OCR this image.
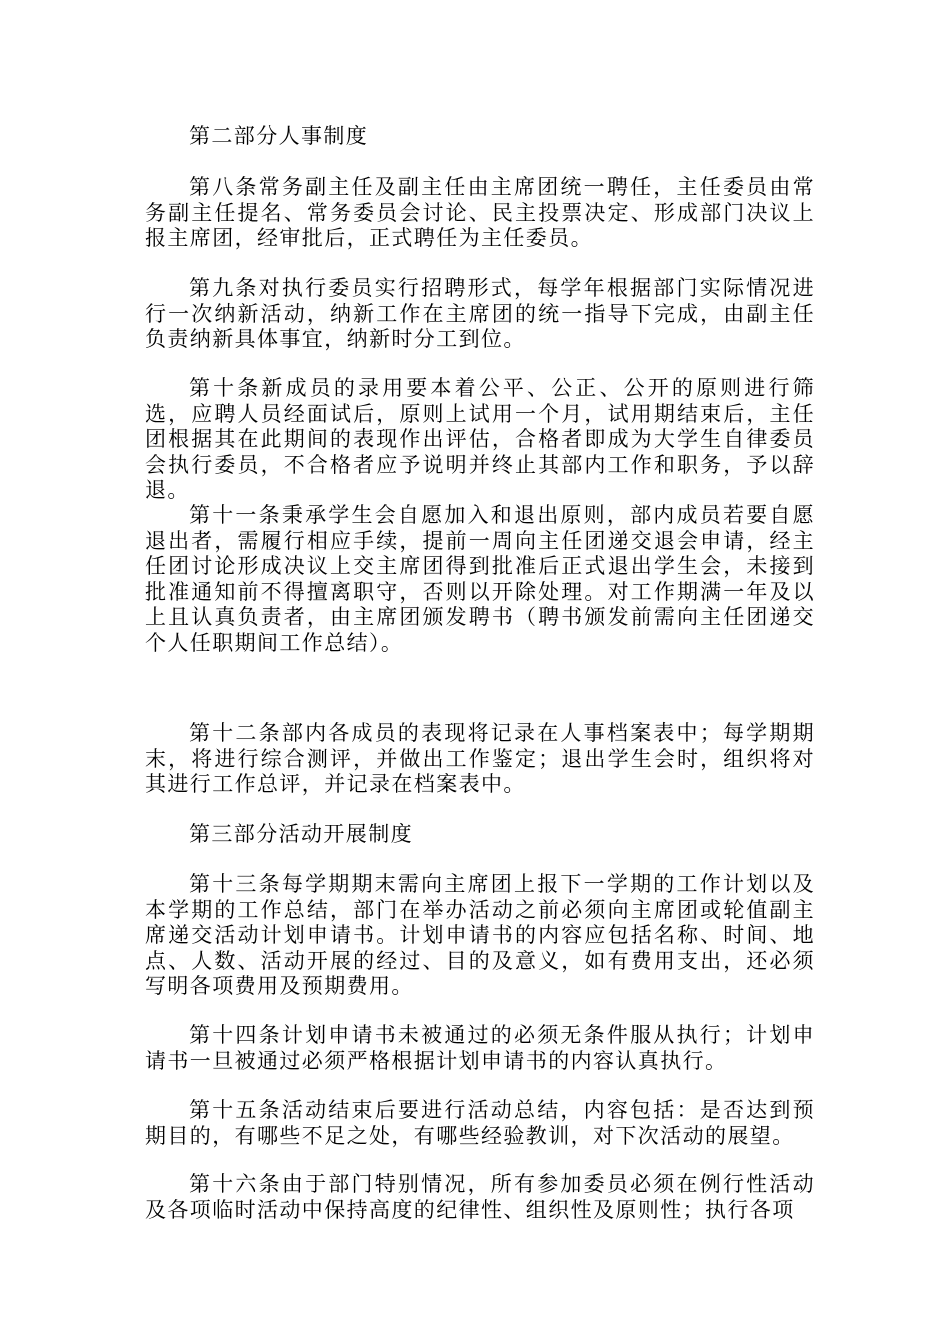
第二部分人事制度

第八条常务副主任及副主任由主席团统一聘任，主任委员由常务副主任提名、常务委员会讨论、民主投票决定、形成部门决议上报主席团，经审批后，正式聘任为主任委员。

第九条对执行委员实行招聘形式，每学年根据部门实际情况进行一次纳新活动，纳新工作在主席团的统一指导下完成，由副主任负责纳新具体事宜，纳新时分工到位。

第十条新成员的录用要本着公平、公正、公开的原则进行筛选，应聘人员经面试后，原则上试用一个月，试用期结束后，主任团根据其在此期间的表现作出评估，合格者即成为大学生自律委员会执行委员，不合格者应予说明并终止其部内工作和职务，予以辞退。

第十一条秉承学生会自愿加入和退出原则，部内成员若要自愿退出者，需履行相应手续，提前一周向主任团递交退会申请，经主任团讨论形成决议上交主席团得到批准后正式退出学生会，未接到批准通知前不得擅离职守，否则以开除处理。对工作期满一年及以上且认真负责者，由主席团颁发聘书（聘书颁发前需向主任团递交个人任职期间工作总结）。

第十二条部内各成员的表现将记录在人事档案表中；每学期期末，将进行综合测评，并做出工作鉴定；退出学生会时，组织将对其进行工作总评，并记录在档案表中。

第三部分活动开展制度

第十三条每学期期末需向主席团上报下一学期的工作计划以及本学期的工作总结，部门在举办活动之前必须向主席团或轮值副主席递交活动计划申请书。计划申请书的内容应包括名称、时间、地点、人数、活动开展的经过、目的及意义，如有费用支出，还必须写明各项费用及预期费用。

第十四条计划申请书未被通过的必须无条件服从执行；计划申请书一旦被通过必须严格根据计划申请书的内容认真执行。

第十五条活动结束后要进行活动总结，内容包括：是否达到预期目的，有哪些不足之处，有哪些经验教训，对下次活动的展望。

第十六条由于部门特别情况，所有参加委员必须在例行性活动及各项临时活动中保持高度的纪律性、组织性及原则性；执行各项
